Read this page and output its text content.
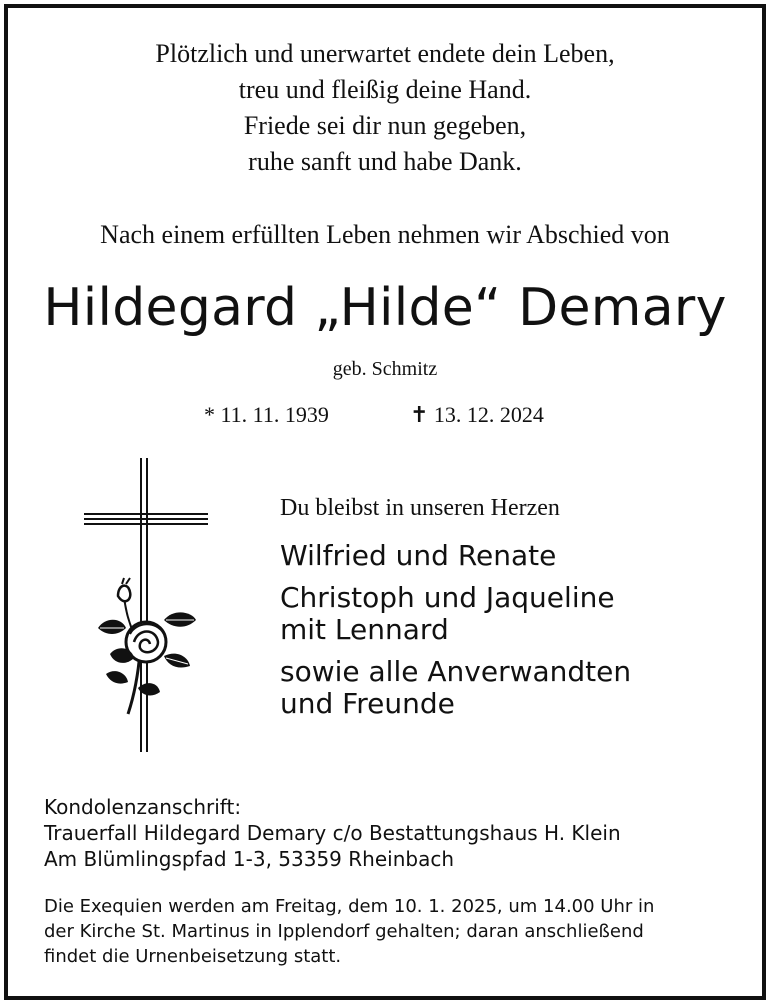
Plötzlich und unerwartet endete dein Leben,
treu und fleißig deine Hand.
Friede sei dir nun gegeben,
ruhe sanft und habe Dank.
Nach einem erfüllten Leben nehmen wir Abschied von
Hildegard „Hilde“ Demary
geb. Schmitz
* 11. 11. 1939	✝ 13. 12. 2024
Du bleibst in unseren Herzen
Wilfried und Renate
Christoph und Jaqueline
mit Lennard
sowie alle Anverwandten
und Freunde
Kondolenzanschrift:
Trauerfall Hildegard Demary c/o Bestattungshaus H. Klein
Am Blümlingspfad 1-3, 53359 Rheinbach
Die Exequien werden am Freitag, dem 10. 1. 2025, um 14.00 Uhr in
der Kirche St. Martinus in Ipplendorf gehalten; daran anschließend
findet die Urnenbeisetzung statt.
